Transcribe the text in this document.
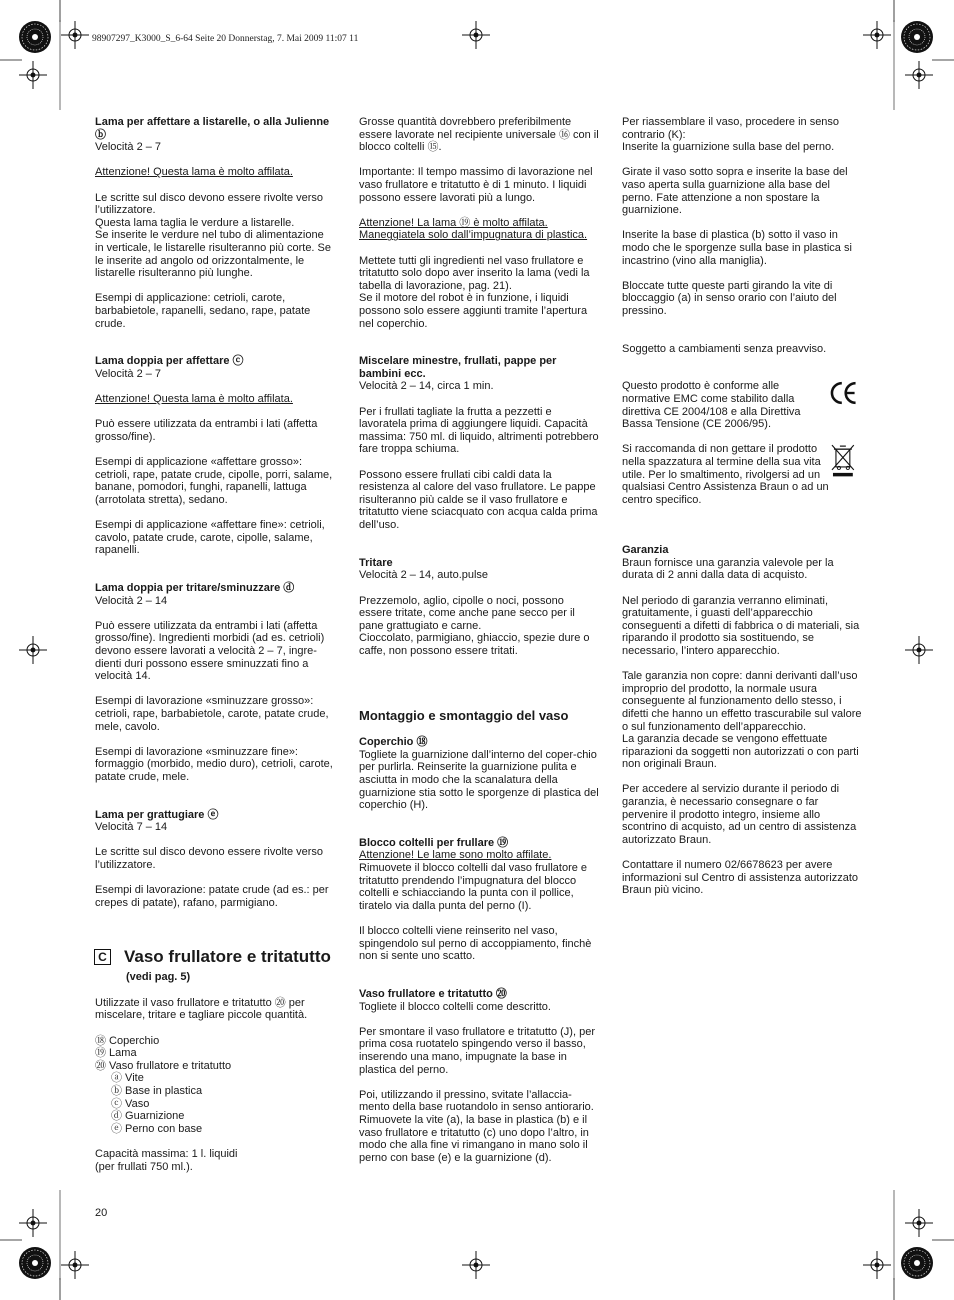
98907297_K3000_S_6-64 Seite 20 Donnerstag, 7. Mai 2009 11:07 11

Lama per affettare a listarelle, o alla Julienne ⓑ

Velocità 2 – 7

Attenzione! Questa lama è molto affilata.

Le scritte sul disco devono essere rivolte verso l’utilizzatore.
Questa lama taglia le verdure a listarelle.
Se inserite le verdure nel tubo di alimentazione in verticale, le listarelle risulteranno più corte. Se le inserite ad angolo od orizzontalmente, le listarelle risulteranno più lunghe.

Esempi di applicazione: cetrioli, carote, barbabietole, rapanelli, sedano, rape, patate crude.

Lama doppia per affettare ⓒ

Velocità 2 – 7

Attenzione! Questa lama è molto affilata.

Può essere utilizzata da entrambi i lati (affetta grosso/fine).

Esempi di applicazione «affettare grosso»: cetrioli, rape, patate crude, cipolle, porri, salame, banane, pomodori, funghi, rapanelli, lattuga (arrotolata stretta), sedano.

Esempi di applicazione «affettare fine»: cetrioli, cavolo, patate crude, carote, cipolle, salame, rapanelli.

Lama doppia per tritare/sminuzzare ⓓ

Velocità 2 – 14

Può essere utilizzata da entrambi i lati (affetta grosso/fine). Ingredienti morbidi (ad es. cetrioli) devono essere lavorati a velocità 2 – 7, ingre-dienti duri possono essere sminuzzati fino a velocità 14.

Esempi di lavorazione «sminuzzare grosso»: cetrioli, rape, barbabietole, carote, patate crude, mele, cavolo.

Esempi di lavorazione «sminuzzare fine»: formaggio (morbido, medio duro), cetrioli, carote, patate crude, mele.

Lama per grattugiare ⓔ

Velocità 7 – 14

Le scritte sul disco devono essere rivolte verso l’utilizzatore.

Esempi di lavorazione: patate crude (ad es.: per crepes di patate), rafano, parmigiano.

C Vaso frullatore e tritatutto
(vedi pag. 5)

Utilizzate il vaso frullatore e tritatutto ⑳ per miscelare, tritare e tagliare piccole quantità.

⑱ Coperchio

⑲ Lama

⑳ Vaso frullatore e tritatutto

ⓐ Vite

ⓑ Base in plastica

ⓒ Vaso

ⓓ Guarnizione

ⓔ Perno con base

Capacità massima: 1 l. liquidi
(per frullati 750 ml.).

Grosse quantità dovrebbero preferibilmente essere lavorate nel recipiente universale ⑯ con il blocco coltelli ⑮.

Importante: Il tempo massimo di lavorazione nel vaso frullatore e tritatutto è di 1 minuto. I liquidi possono essere lavorati più a lungo.

Attenzione! La lama ⑲ è molto affilata. Maneggiatela solo dall’impugnatura di plastica.

Mettete tutti gli ingredienti nel vaso frullatore e tritatutto solo dopo aver inserito la lama (vedi la tabella di lavorazione, pag. 21).
Se il motore del robot è in funzione, i liquidi possono solo essere aggiunti tramite l’apertura nel coperchio.

Miscelare minestre, frullati, pappe per bambini ecc.

Velocità 2 – 14, circa 1 min.

Per i frullati tagliate la frutta a pezzetti e lavoratela prima di aggiungere liquidi. Capacità massima: 750 ml. di liquido, altrimenti potrebbero fare troppa schiuma.

Possono essere frullati cibi caldi data la resistenza al calore del vaso frullatore. Le pappe risulteranno più calde se il vaso frullatore e tritatutto viene sciacquato con acqua calda prima dell’uso.

Tritare

Velocità 2 – 14, auto.pulse

Prezzemolo, aglio, cipolle o noci, possono essere tritate, come anche pane secco per il pane grattugiato e carne.
Cioccolato, parmigiano, ghiaccio, spezie dure o caffe, non possono essere tritati.

Montaggio e smontaggio del vaso

Coperchio ⑱

Togliete la guarnizione dall’interno del coper-chio per purlirla. Reinserite la guarnizione pulita e asciutta in modo che la scanalatura della guarnizione stia sotto le sporgenze di plastica del coperchio (H).

Blocco coltelli per frullare ⑲

Attenzione! Le lame sono molto affilate.

Rimuovete il blocco coltelli dal vaso frullatore e tritatutto prendendo l’impugnatura del blocco coltelli e schiacciando la punta con il pollice, tiratelo via dalla punta del perno (I).

Il blocco coltelli viene reinserito nel vaso, spingendolo sul perno di accoppiamento, finchè non si sente uno scatto.

Vaso frullatore e tritatutto ⑳

Togliete il blocco coltelli come descritto.

Per smontare il vaso frullatore e tritatutto (J), per prima cosa ruotatelo spingendo verso il basso, inserendo una mano, impugnate la base in plastica del perno.

Poi, utilizzando il pressino, svitate l’allaccia-mento della base ruotandolo in senso antiorario.
Rimuovete la vite (a), la base in plastica (b) e il vaso frullatore e tritatutto (c) uno dopo l’altro, in modo che alla fine vi rimangano in mano solo il perno con base (e) e la guarnizione (d).

Per riassemblare il vaso, procedere in senso contrario (K):
Inserite la guarnizione sulla base del perno.

Girate il vaso sotto sopra e inserite la base del vaso aperta sulla guarnizione alla base del perno. Fate attenzione a non spostare la guarnizione.

Inserite la base di plastica (b) sotto il vaso in modo che le sporgenze sulla base in plastica si incastrino (vino alla maniglia).

Bloccate tutte queste parti girando la vite di bloccaggio (a) in senso orario con l’aiuto del pressino.

Soggetto a cambiamenti senza preavviso.

Questo prodotto è conforme alle normative EMC come stabilito dalla direttiva CE 2004/108 e alla Direttiva Bassa Tensione (CE 2006/95).

CE

Si raccomanda di non gettare il prodotto nella spazzatura al termine della sua vita utile. Per lo smaltimento, rivolgersi ad un qualsiasi Centro Assistenza Braun o ad un centro specifico.

Garanzia

Braun fornisce una garanzia valevole per la durata di 2 anni dalla data di acquisto.

Nel periodo di garanzia verranno eliminati, gratuitamente, i guasti dell’apparecchio conseguenti a difetti di fabbrica o di materiali, sia riparando il prodotto sia sostituendo, se necessario, l’intero apparecchio.

Tale garanzia non copre: danni derivanti dall’uso improprio del prodotto, la normale usura conseguente al funzionamento dello stesso, i difetti che hanno un effetto trascurabile sul valore o sul funzionamento dell’apparecchio.
La garanzia decade se vengono effettuate riparazioni da soggetti non autorizzati o con parti non originali Braun.

Per accedere al servizio durante il periodo di garanzia, è necessario consegnare o far pervenire il prodotto integro, insieme allo scontrino di acquisto, ad un centro di assistenza autorizzato Braun.

Contattare il numero 02/6678623 per avere informazioni sul Centro di assistenza autorizzato Braun più vicino.

20
